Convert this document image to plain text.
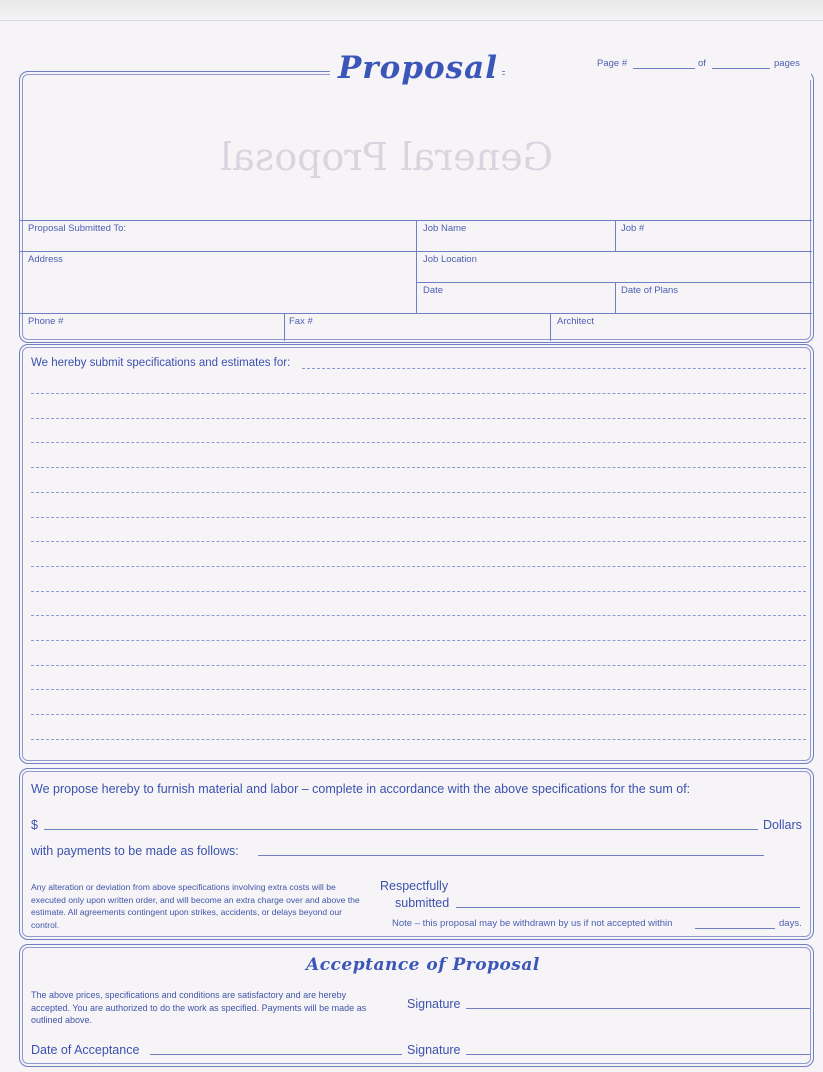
Proposal	Page #	of	pages
General Proposal
Proposal Submitted To:	Job Name	Job #
Address	Job Location
Date	Date of Plans
Phone #	Fax #	Architect
We hereby submit specifications and estimates for:
We propose hereby to furnish material and labor – complete in accordance with the above specifications for the sum of:
$	Dollars
with payments to be made as follows:
Any alteration or deviation from above specifications involving extra costs will be executed only upon written order, and will become an extra charge over and above the estimate. All agreements contingent upon strikes, accidents, or delays beyond our control.
Respectfully
submitted
Note – this proposal may be withdrawn by us if not accepted within	days.
Acceptance of Proposal
The above prices, specifications and conditions are satisfactory and are hereby accepted. You are authorized to do the work as specified. Payments will be made as outlined above.
Signature
Date of Acceptance	Signature
